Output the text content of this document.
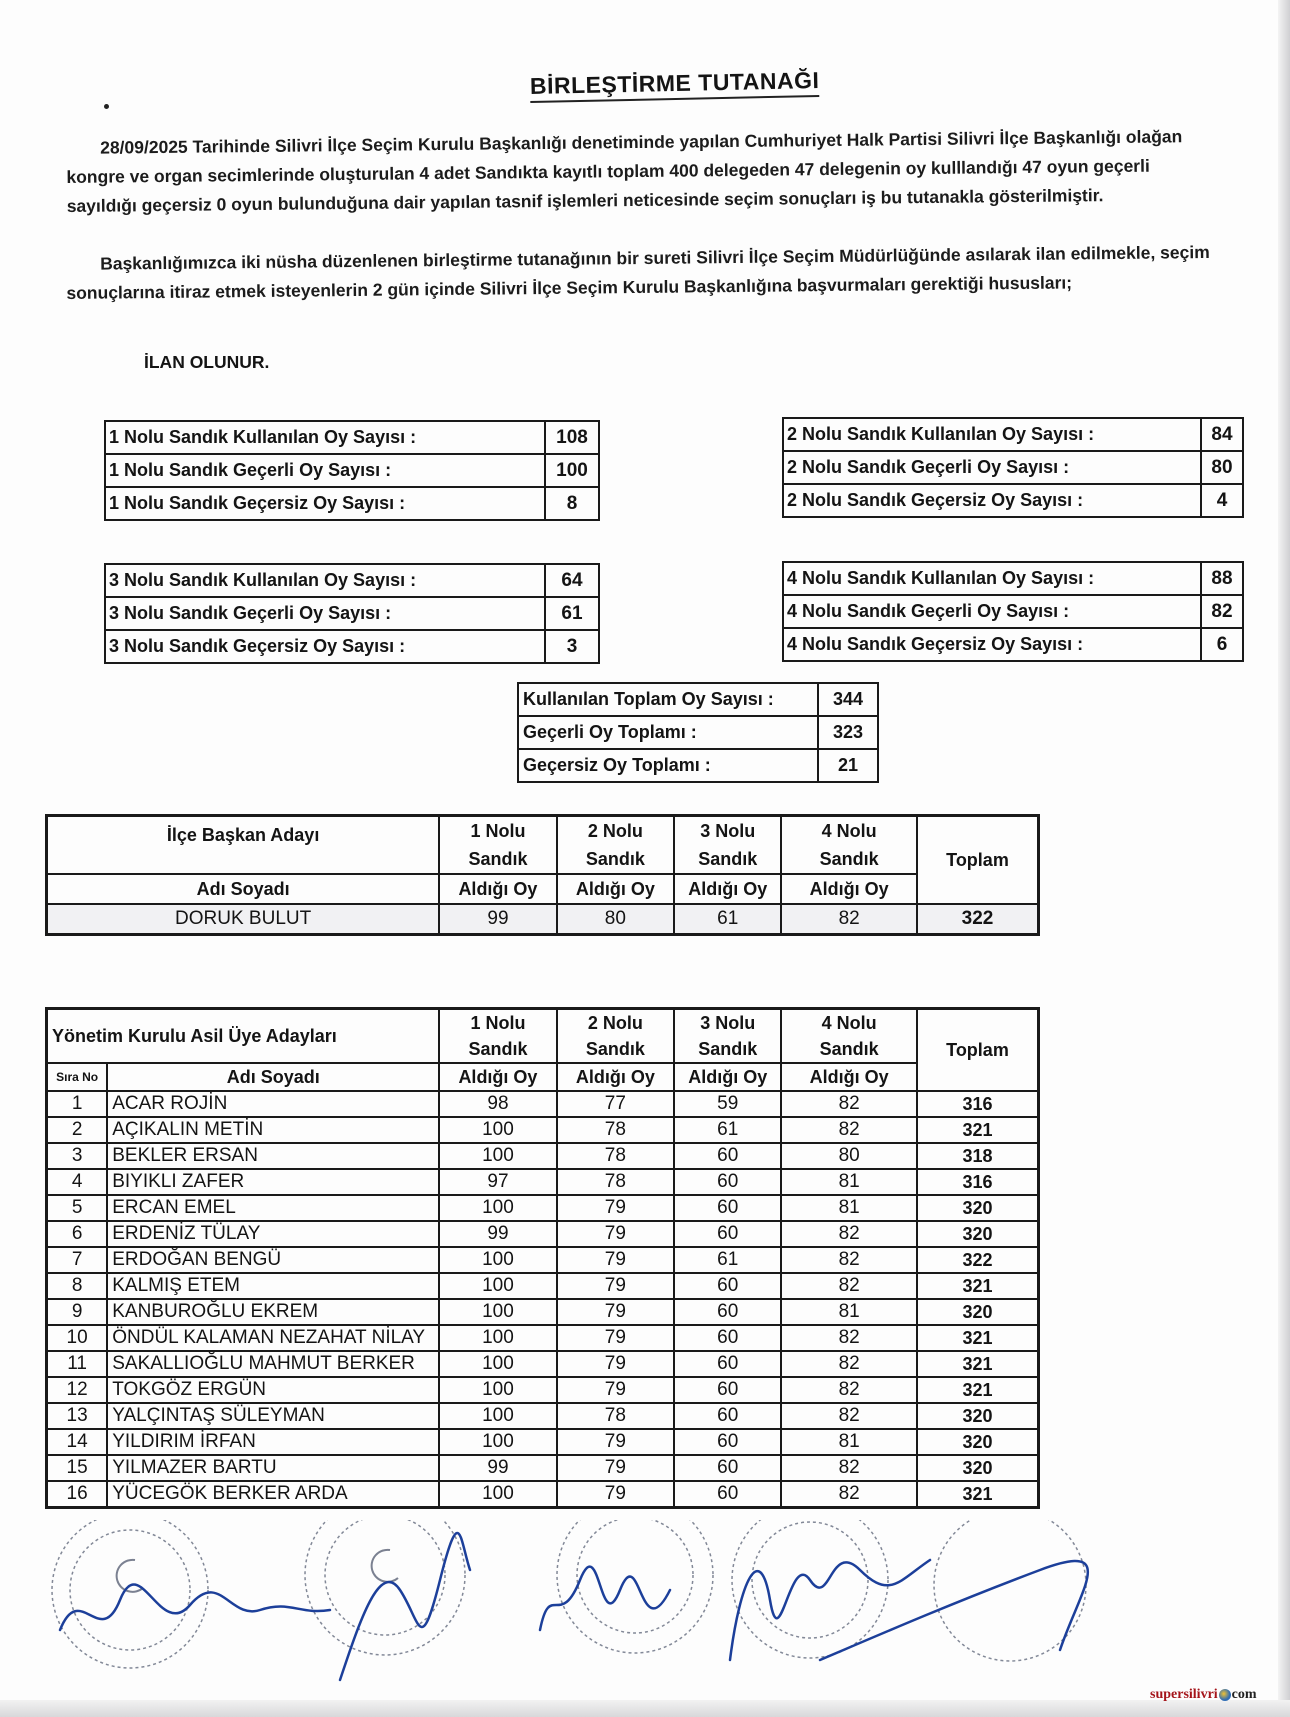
BİRLEŞTİRME TUTANAĞI
28/09/2025 Tarihinde Silivri İlçe Seçim Kurulu Başkanlığı denetiminde yapılan Cumhuriyet Halk Partisi Silivri İlçe Başkanlığı olağan kongre ve organ secimlerinde oluşturulan 4 adet Sandıkta kayıtlı toplam 400 delegeden 47 delegenin oy kulllandığı 47 oyun geçerli sayıldığı geçersiz 0 oyun bulunduğuna dair yapılan tasnif işlemleri neticesinde seçim sonuçları iş bu tutanakla gösterilmiştir.
Başkanlığımızca iki nüsha düzenlenen birleştirme tutanağının bir sureti Silivri İlçe Seçim Müdürlüğünde asılarak ilan edilmekle, seçim sonuçlarına itiraz etmek isteyenlerin 2 gün içinde Silivri İlçe Seçim Kurulu Başkanlığına başvurmaları gerektiği hususları;
İLAN OLUNUR.
1 Nolu Sandık Kullanılan Oy Sayısı :	108
1 Nolu Sandık Geçerli Oy Sayısı :	100
1 Nolu Sandık Geçersiz Oy Sayısı :	8
2 Nolu Sandık Kullanılan Oy Sayısı :	84
2 Nolu Sandık Geçerli Oy Sayısı :	80
2 Nolu Sandık Geçersiz Oy Sayısı :	4
3 Nolu Sandık Kullanılan Oy Sayısı :	64
3 Nolu Sandık Geçerli Oy Sayısı :	61
3 Nolu Sandık Geçersiz Oy Sayısı :	3
4 Nolu Sandık Kullanılan Oy Sayısı :	88
4 Nolu Sandık Geçerli Oy Sayısı :	82
4 Nolu Sandık Geçersiz Oy Sayısı :	6
Kullanılan Toplam Oy Sayısı :	344
Geçerli Oy Toplamı :	323
Geçersiz Oy Toplamı :	21
İlçe Başkan Adayı	1 Nolu	2 Nolu	3 Nolu	4 Nolu	Toplam
	Sandık	Sandık	Sandık	Sandık	
Adı Soyadı	Aldığı Oy	Aldığı Oy	Aldığı Oy	Aldığı Oy	
DORUK BULUT	99	80	61	82	322
Yönetim Kurulu Asil Üye Adayları		1 Nolu	2 Nolu	3 Nolu	4 Nolu	Toplam
		Sandık	Sandık	Sandık	Sandık	
Sıra No	Adı Soyadı	Aldığı Oy	Aldığı Oy	Aldığı Oy	Aldığı Oy	
1	ACAR ROJİN	98	77	59	82	316
2	AÇIKALIN METİN	100	78	61	82	321
3	BEKLER ERSAN	100	78	60	80	318
4	BIYIKLI ZAFER	97	78	60	81	316
5	ERCAN EMEL	100	79	60	81	320
6	ERDENİZ TÜLAY	99	79	60	82	320
7	ERDOĞAN BENGÜ	100	79	61	82	322
8	KALMIŞ ETEM	100	79	60	82	321
9	KANBUROĞLU EKREM	100	79	60	81	320
10	ÖNDÜL KALAMAN NEZAHAT NİLAY	100	79	60	82	321
11	SAKALLIOĞLU MAHMUT BERKER	100	79	60	82	321
12	TOKGÖZ ERGÜN	100	79	60	82	321
13	YALÇINTAŞ SÜLEYMAN	100	78	60	82	320
14	YILDIRIM İRFAN	100	79	60	81	320
15	YILMAZER BARTU	99	79	60	82	320
16	YÜCEGÖK BERKER ARDA	100	79	60	82	321
supersilivri com
